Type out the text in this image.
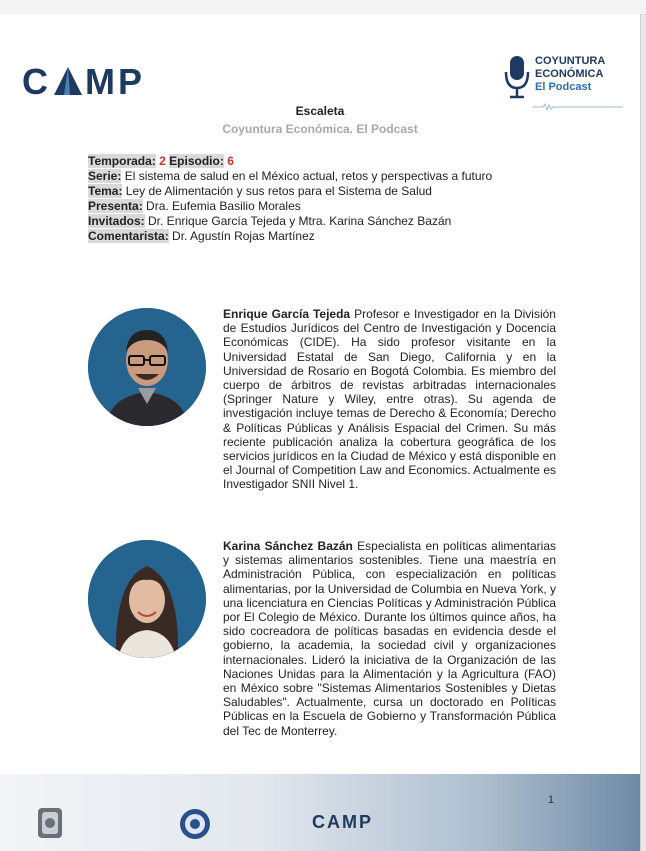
C MP	COYUNTURA
ECONÓMICA
El Podcast
Escaleta
Coyuntura Económica. El Podcast
Temporada: 2 Episodio: 6
Serie: El sistema de salud en el México actual, retos y perspectivas a futuro
Tema: Ley de Alimentación y sus retos para el Sistema de Salud
Presenta: Dra. Eufemia Basilio Morales
Invitados: Dr. Enrique García Tejeda y Mtra. Karina Sánchez Bazán
Comentarista: Dr. Agustín Rojas Martínez
Enrique García Tejeda Profesor e Investigador en la División de Estudios Jurídicos del Centro de Investigación y Docencia Económicas (CIDE). Ha sido profesor visitante en la Universidad Estatal de San Diego, California y en la Universidad de Rosario en Bogotá Colombia. Es miembro del cuerpo de árbitros de revistas arbitradas internacionales (Springer Nature y Wiley, entre otras). Su agenda de investigación incluye temas de Derecho & Economía; Derecho & Políticas Públicas y Análisis Espacial del Crimen. Su más reciente publicación analiza la cobertura geográfica de los servicios jurídicos en la Ciudad de México y está disponible en el Journal of Competition Law and Economics. Actualmente es Investigador SNII Nivel 1.
Karina Sánchez Bazán Especialista en políticas alimentarias y sistemas alimentarios sostenibles. Tiene una maestría en Administración Pública, con especialización en políticas alimentarias, por la Universidad de Columbia en Nueva York, y una licenciatura en Ciencias Políticas y Administración Pública por El Colegio de México. Durante los últimos quince años, ha sido cocreadora de políticas basadas en evidencia desde el gobierno, la academia, la sociedad civil y organizaciones internacionales. Lideró la iniciativa de la Organización de las Naciones Unidas para la Alimentación y la Agricultura (FAO) en México sobre "Sistemas Alimentarios Sostenibles y Dietas Saludables". Actualmente, cursa un doctorado en Políticas Públicas en la Escuela de Gobierno y Transformación Pública del Tec de Monterrey.
1
CAMP
